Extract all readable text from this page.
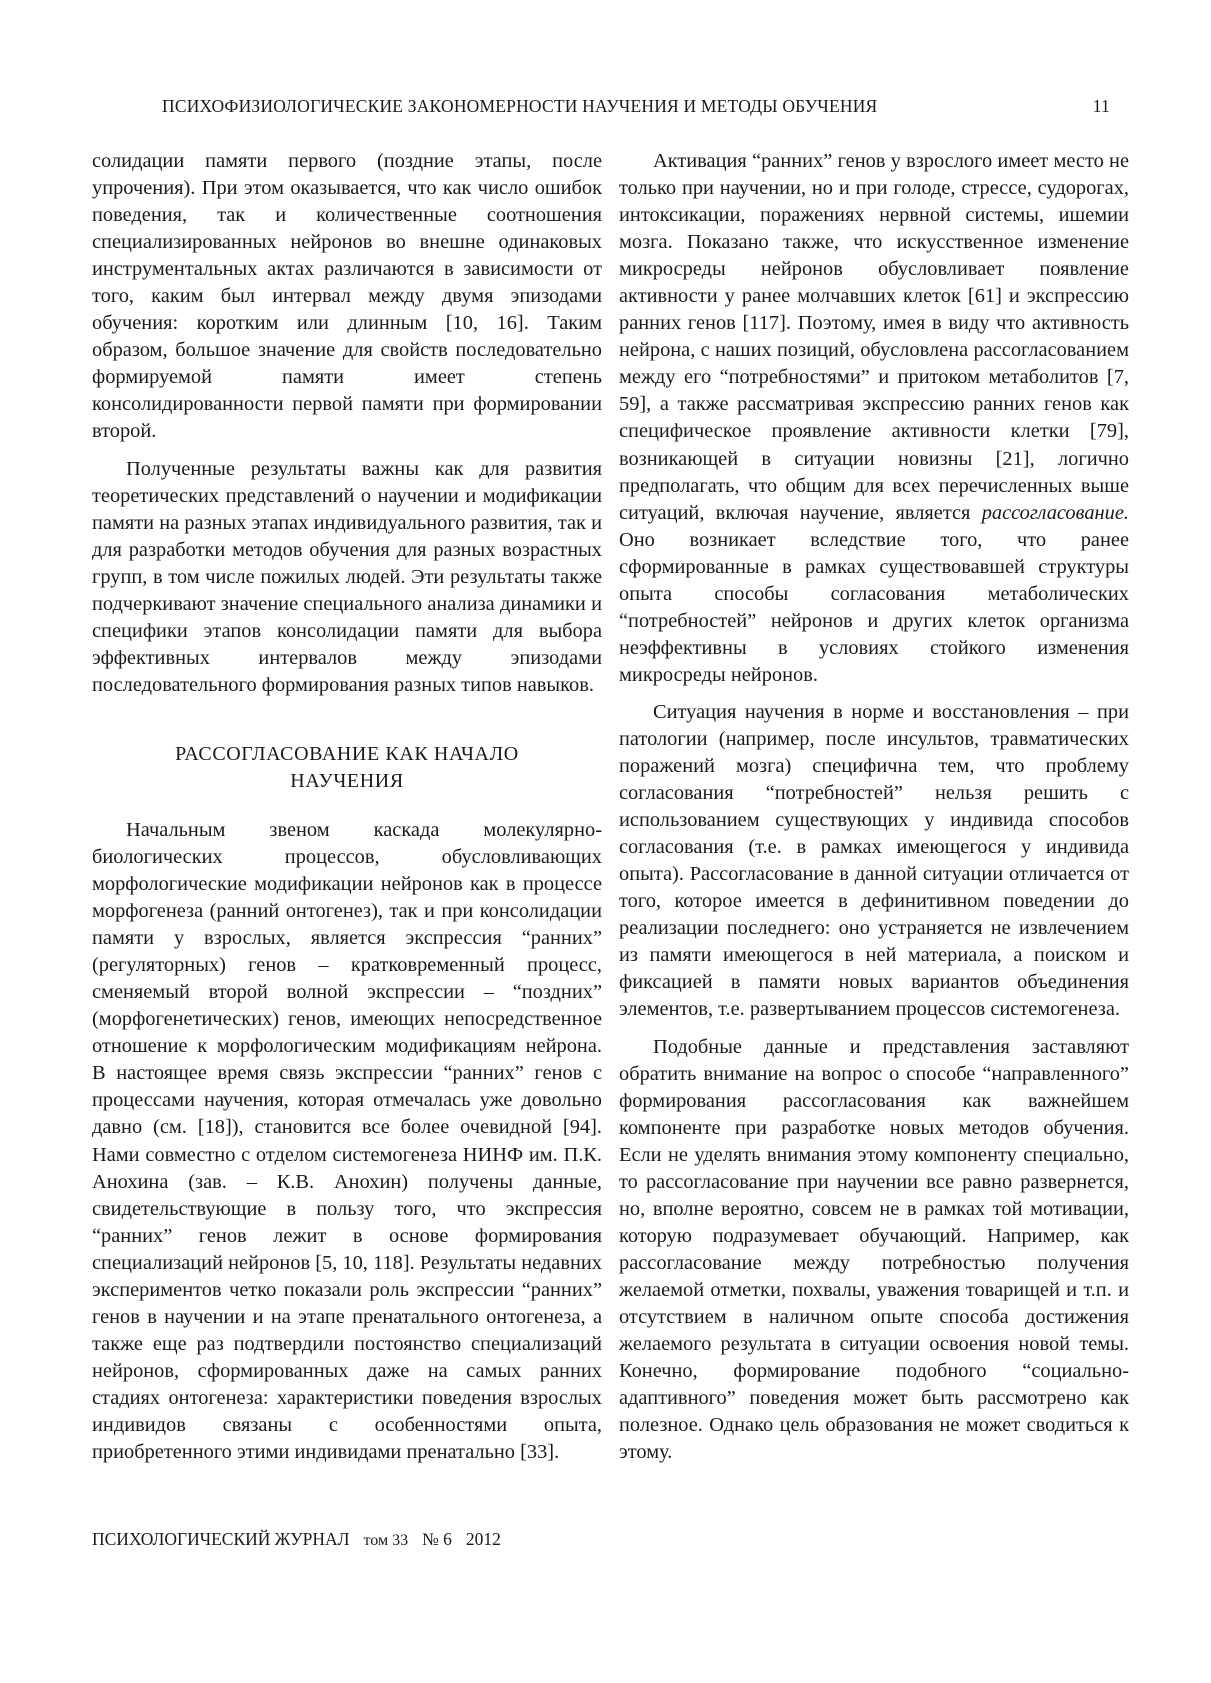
ПСИХОФИЗИОЛОГИЧЕСКИЕ ЗАКОНОМЕРНОСТИ НАУЧЕНИЯ И МЕТОДЫ ОБУЧЕНИЯ	11

солидации памяти первого (поздние этапы, после упрочения). При этом оказывается, что как число ошибок поведения, так и количественные соотношения специализированных нейронов во внешне одинаковых инструментальных актах различаются в зависимости от того, каким был интервал между двумя эпизодами обучения: коротким или длинным [10, 16]. Таким образом, большое значение для свойств последовательно формируемой памяти имеет степень консолидированности первой памяти при формировании второй.

Полученные результаты важны как для развития теоретических представлений о научении и модификации памяти на разных этапах индивидуального развития, так и для разработки методов обучения для разных возрастных групп, в том числе пожилых людей. Эти результаты также подчеркивают значение специального анализа динамики и специфики этапов консолидации памяти для выбора эффективных интервалов между эпизодами последовательного формирования разных типов навыков.

РАССОГЛАСОВАНИЕ КАК НАЧАЛО
НАУЧЕНИЯ

Начальным звеном каскада молекулярно-биологических процессов, обусловливающих морфологические модификации нейронов как в процессе морфогенеза (ранний онтогенез), так и при консолидации памяти у взрослых, является экспрессия “ранних” (регуляторных) генов – кратковременный процесс, сменяемый второй волной экспрессии – “поздних” (морфогенетических) генов, имеющих непосредственное отношение к морфологическим модификациям нейрона. В настоящее время связь экспрессии “ранних” генов с процессами научения, которая отмечалась уже довольно давно (см. [18]), становится все более очевидной [94]. Нами совместно с отделом системогенеза НИНФ им. П.К. Анохина (зав. – К.В. Анохин) получены данные, свидетельствующие в пользу того, что экспрессия “ранних” генов лежит в основе формирования специализаций нейронов [5, 10, 118]. Результаты недавних экспериментов четко показали роль экспрессии “ранних” генов в научении и на этапе пренатального онтогенеза, а также еще раз подтвердили постоянство специализаций нейронов, сформированных даже на самых ранних стадиях онтогенеза: характеристики поведения взрослых индивидов связаны с особенностями опыта, приобретенного этими индивидами пренатально [33].

Активация “ранних” генов у взрослого имеет место не только при научении, но и при голоде, стрессе, судорогах, интоксикации, поражениях нервной системы, ишемии мозга. Показано также, что искусственное изменение микросреды нейронов обусловливает появление активности у ранее молчавших клеток [61] и экспрессию ранних генов [117]. Поэтому, имея в виду что активность нейрона, с наших позиций, обусловлена рассогласованием между его “потребностями” и притоком метаболитов [7, 59], а также рассматривая экспрессию ранних генов как специфическое проявление активности клетки [79], возникающей в ситуации новизны [21], логично предполагать, что общим для всех перечисленных выше ситуаций, включая научение, является рассогласование. Оно возникает вследствие того, что ранее сформированные в рамках существовавшей структуры опыта способы согласования метаболических “потребностей” нейронов и других клеток организма неэффективны в условиях стойкого изменения микросреды нейронов.

Ситуация научения в норме и восстановления – при патологии (например, после инсультов, травматических поражений мозга) специфична тем, что проблему согласования “потребностей” нельзя решить с использованием существующих у индивида способов согласования (т.е. в рамках имеющегося у индивида опыта). Рассогласование в данной ситуации отличается от того, которое имеется в дефинитивном поведении до реализации последнего: оно устраняется не извлечением из памяти имеющегося в ней материала, а поиском и фиксацией в памяти новых вариантов объединения элементов, т.е. развертыванием процессов системогенеза.

Подобные данные и представления заставляют обратить внимание на вопрос о способе “направленного” формирования рассогласования как важнейшем компоненте при разработке новых методов обучения. Если не уделять внимания этому компоненту специально, то рассогласование при научении все равно развернется, но, вполне вероятно, совсем не в рамках той мотивации, которую подразумевает обучающий. Например, как рассогласование между потребностью получения желаемой отметки, похвалы, уважения товарищей и т.п. и отсутствием в наличном опыте способа достижения желаемого результата в ситуации освоения новой темы. Конечно, формирование подобного “социально-адаптивного” поведения может быть рассмотрено как полезное. Однако цель образования не может сводиться к этому.

ПСИХОЛОГИЧЕСКИЙ ЖУРНАЛ том 33 № 6 2012
